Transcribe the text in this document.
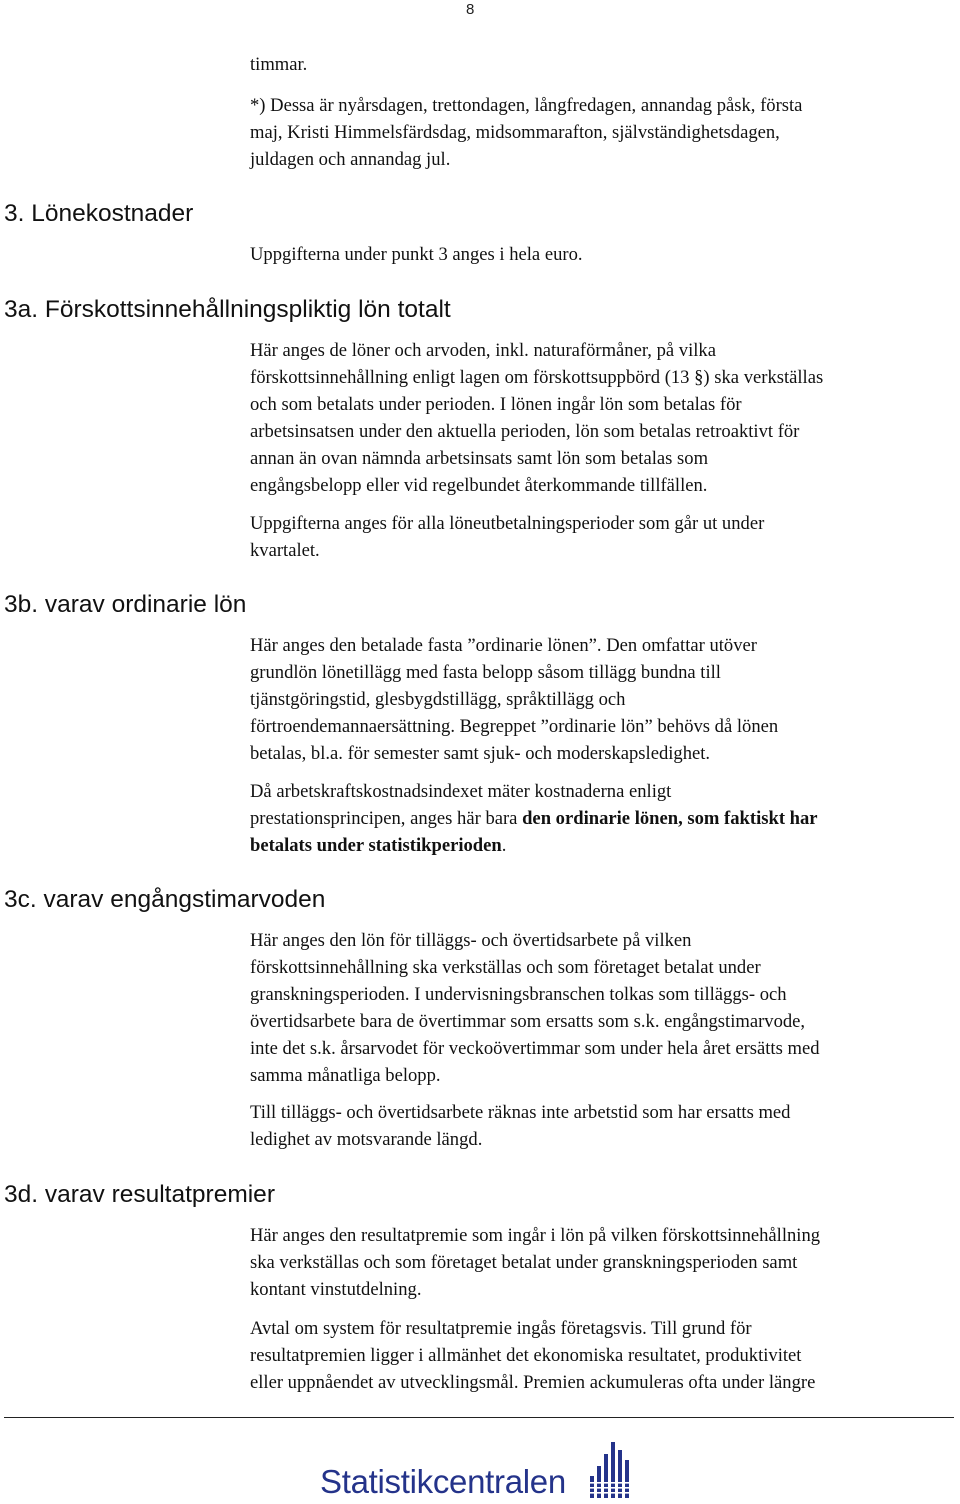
8

timmar.

*) Dessa är nyårsdagen, trettondagen, långfredagen, annandag påsk, första
maj, Kristi Himmelsfärdsdag, midsommarafton, självständighetsdagen,
juldagen och annandag jul.

3. Lönekostnader

Uppgifterna under punkt 3 anges i hela euro.

3a. Förskottsinnehållningspliktig lön totalt

Här anges de löner och arvoden, inkl. naturaförmåner, på vilka
förskottsinnehållning enligt lagen om förskottsuppbörd (13 §) ska verkställas
och som betalats under perioden. I lönen ingår lön som betalas för
arbetsinsatsen under den aktuella perioden, lön som betalas retroaktivt för
annan än ovan nämnda arbetsinsats samt lön som betalas som
engångsbelopp eller vid regelbundet återkommande tillfällen.

Uppgifterna anges för alla löneutbetalningsperioder som går ut under
kvartalet.

3b. varav ordinarie lön

Här anges den betalade fasta ”ordinarie lönen”. Den omfattar utöver
grundlön lönetillägg med fasta belopp såsom tillägg bundna till
tjänstgöringstid, glesbygdstillägg, språktillägg och
förtroendemannaersättning. Begreppet ”ordinarie lön” behövs då lönen
betalas, bl.a. för semester samt sjuk- och moderskapsledighet.

Då arbetskraftskostnadsindexet mäter kostnaderna enligt
prestationsprincipen, anges här bara den ordinarie lönen, som faktiskt har
betalats under statistikperioden.

3c. varav engångstimarvoden

Här anges den lön för tilläggs- och övertidsarbete på vilken
förskottsinnehållning ska verkställas och som företaget betalat under
granskningsperioden. I undervisningsbranschen tolkas som tilläggs- och
övertidsarbete bara de övertimmar som ersatts som s.k. engångstimarvode,
inte det s.k. årsarvodet för veckoövertimmar som under hela året ersätts med
samma månatliga belopp.

Till tilläggs- och övertidsarbete räknas inte arbetstid som har ersatts med
ledighet av motsvarande längd.

3d. varav resultatpremier

Här anges den resultatpremie som ingår i lön på vilken förskottsinnehållning
ska verkställas och som företaget betalat under granskningsperioden samt
kontant vinstutdelning.

Avtal om system för resultatpremie ingås företagsvis. Till grund för
resultatpremien ligger i allmänhet det ekonomiska resultatet, produktivitet
eller uppnåendet av utvecklingsmål. Premien ackumuleras ofta under längre

Statistikcentralen
